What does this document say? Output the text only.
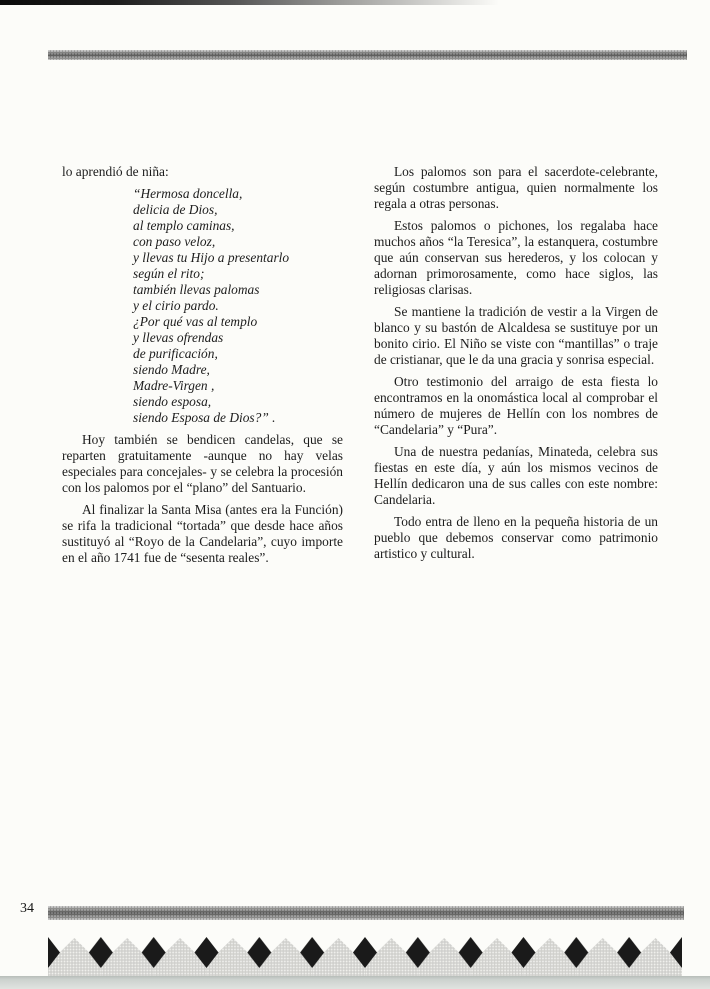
lo aprendió de niña:

“Hermosa doncella,
delicia de Dios,
al templo caminas,
con paso veloz,
y llevas tu Hijo a presentarlo
según el rito;
también llevas palomas
y el cirio pardo.
¿Por qué vas al templo
y llevas ofrendas
de purificación,
siendo Madre,
Madre-Virgen ,
siendo esposa,
siendo Esposa de Dios?” .

Hoy también se bendicen candelas, que se reparten gratuitamente -aunque no hay velas especiales para concejales- y se celebra la procesión con los palomos por el “plano” del Santuario.

Al finalizar la Santa Misa (antes era la Función) se rifa la tradicional “tortada” que desde hace años sustituyó al “Royo de la Candelaria”, cuyo importe en el año 1741 fue de “sesenta reales”.

Los palomos son para el sacerdote-celebrante, según costumbre antigua, quien normalmente los regala a otras personas.

Estos palomos o pichones, los regalaba hace muchos años “la Teresica”, la estanquera, costumbre que aún conservan sus herederos, y los colocan y adornan primorosamente, como hace siglos, las religiosas clarisas.

Se mantiene la tradición de vestir a la Virgen de blanco y su bastón de Alcaldesa se sustituye por un bonito cirio. El Niño se viste con “mantillas” o traje de cristianar, que le da una gracia y sonrisa especial.

Otro testimonio del arraigo de esta fiesta lo encontramos en la onomástica local al comprobar el número de mujeres de Hellín con los nombres de “Candelaria” y “Pura”.

Una de nuestra pedanías, Minateda, celebra sus fiestas en este día, y aún los mismos vecinos de Hellín dedicaron una de sus calles con este nombre: Candelaria.

Todo entra de lleno en la pequeña historia de un pueblo que debemos conservar como patrimonio artistico y cultural.

34
